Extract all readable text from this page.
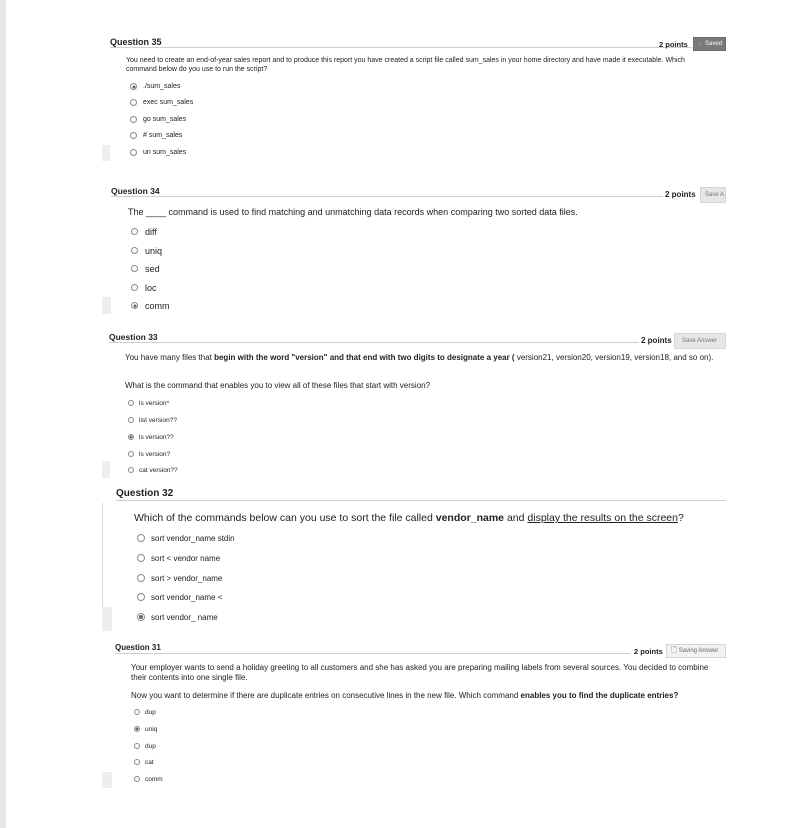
Question 35	2 points ✓ Saved
You need to create an end-of-year sales report and to produce this report you have created a script file called sum_sales in your home directory and have made it executable. Which command below do you use to run the script?
./sum_sales
exec sum_sales
go sum_sales
# sum_sales
un sum_sales
Question 34	2 points	Save A
The ____ command is used to find matching and unmatching data records when comparing two sorted data files.
diff
uniq
sed
loc
comm
Question 33	2 points	Save Answer
You have many files that begin with the word "version" and that end with two digits to designate a year ( version21, version20, version19, version18, and so on).
What is the command that enables you to view all of these files that start with version?
ls version^
list version??
ls version??
ls version?
cat version??
Question 32
Which of the commands below can you use to sort the file called vendor_name and display the results on the screen?
sort vendor_name stdin
sort < vendor name
sort > vendor_name
sort vendor_name <
sort vendor_ name
Question 31	2 points 🗋 Saving Answer
Your employer wants to send a holiday greeting to all customers and she has asked you are preparing mailing labels from several sources. You decided to combine their contents into one single file.
Now you want to determine if there are duplicate entries on consecutive lines in the new file. Which command enables you to find the duplicate entries?
dup
uniq
dup
cat
comm
